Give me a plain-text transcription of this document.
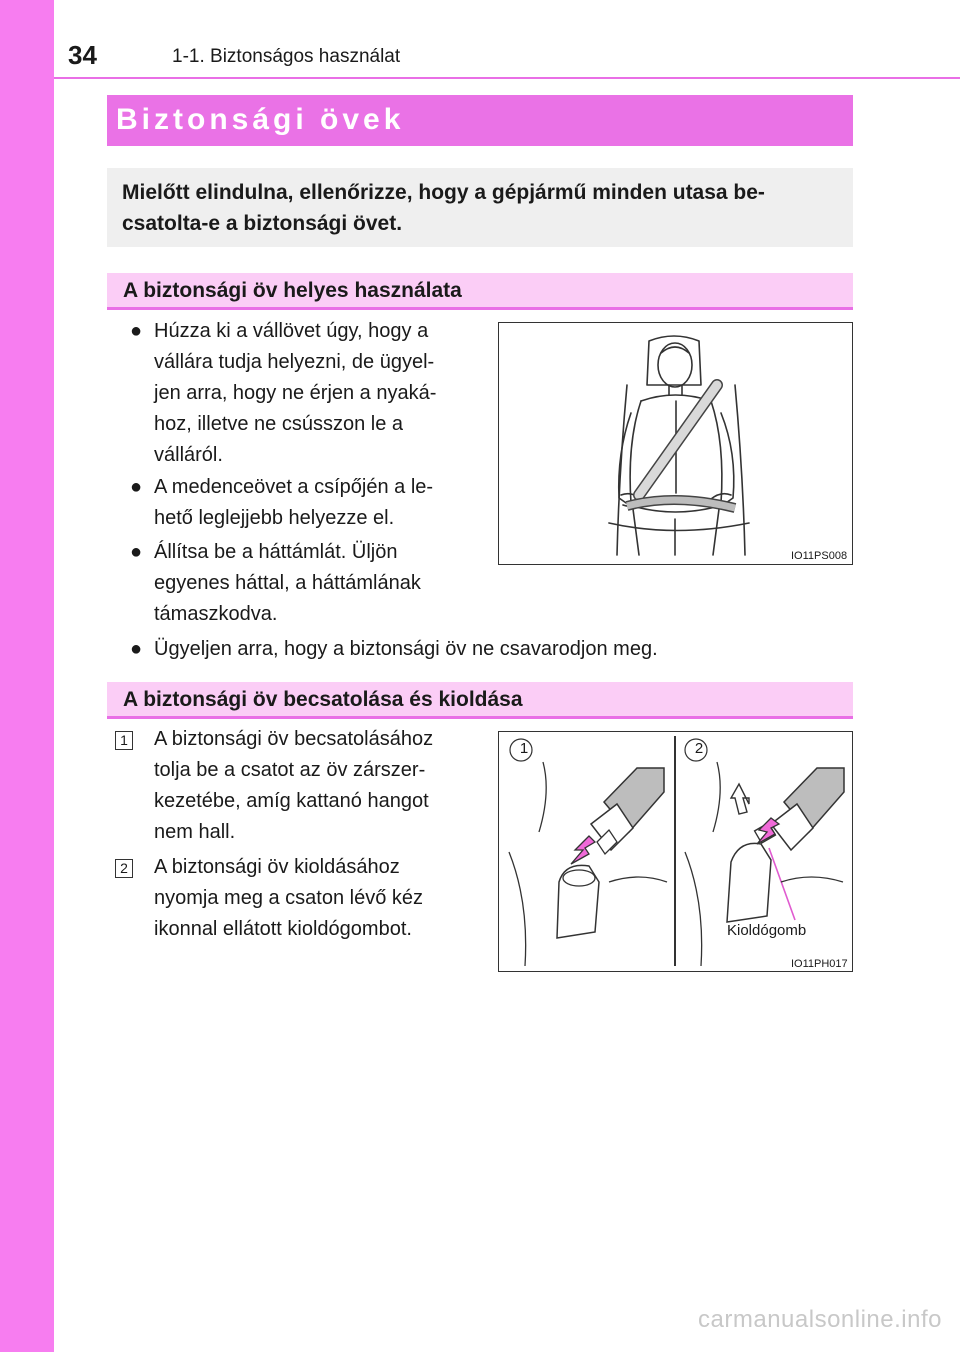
34	1-1. Biztonságos használat
Biztonsági övek
Mielőtt elindulna, ellenőrizze, hogy a gépjármű minden utasa be-
csatolta-e a biztonsági övet.
A biztonsági öv helyes használata
● Húzza ki a vállövet úgy, hogy a
vállára tudja helyezni, de ügyel-
jen arra, hogy ne érjen a nyaká-
hoz, illetve ne csússzon le a
válláról.
● A medenceövet a csípőjén a le-
hető leglejjebb helyezze el.
● Állítsa be a háttámlát. Üljön
egyenes háttal, a háttámlának
támaszkodva.
● Ügyeljen arra, hogy a biztonsági öv ne csavarodjon meg.
IO11PS008
A biztonsági öv becsatolása és kioldása
1 A biztonsági öv becsatolásához
tolja be a csatot az öv zárszer-
kezetébe, amíg kattanó hangot
nem hall.
2 A biztonsági öv kioldásához
nyomja meg a csaton lévő kéz
ikonnal ellátott kioldógombot.
1	2
Kioldógomb
IO11PH017
carmanualsonline.info
